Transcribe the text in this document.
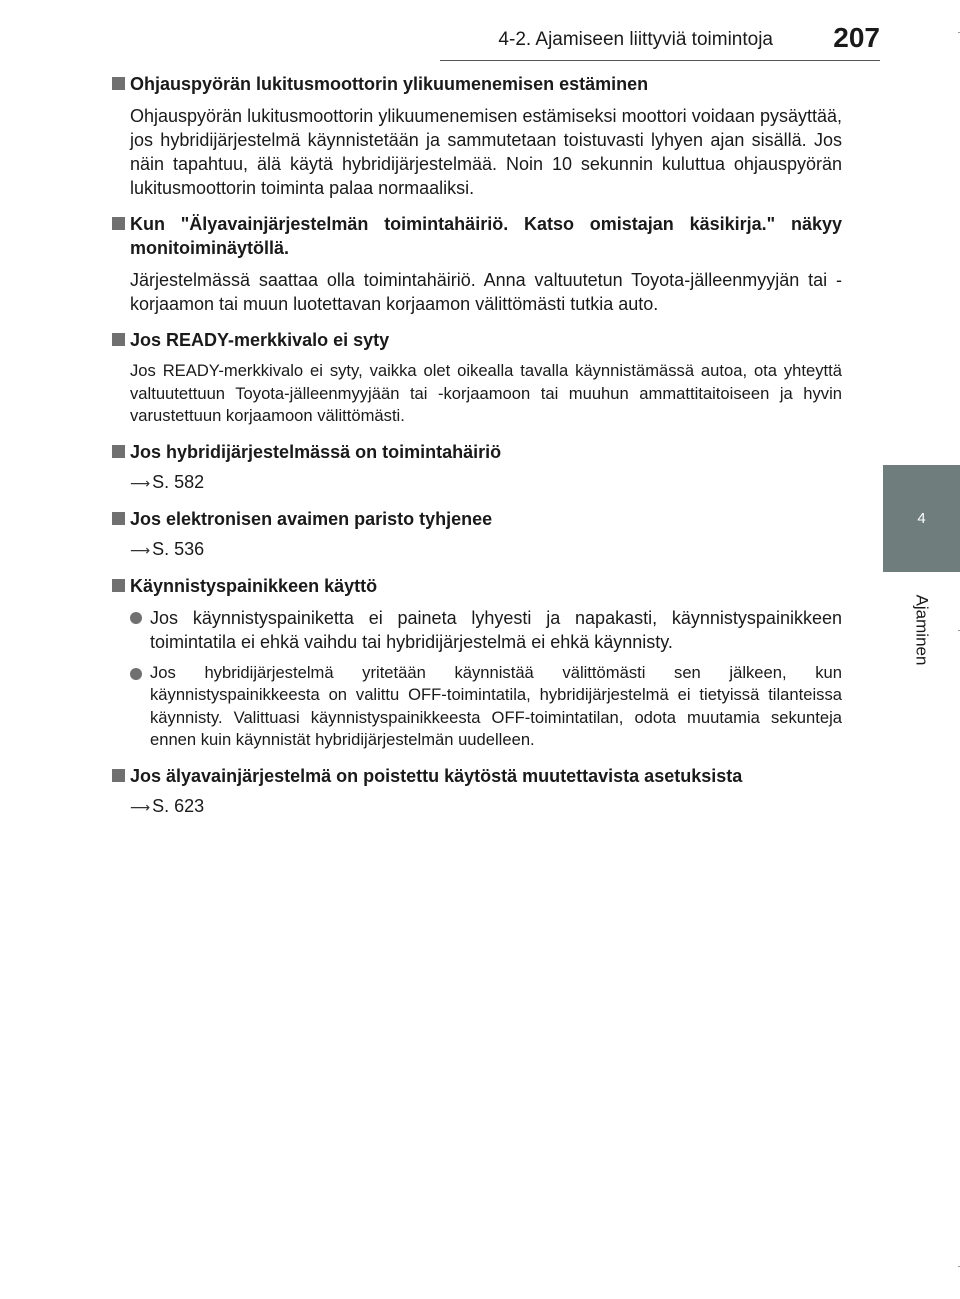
4-2. Ajamiseen liittyviä toimintoja 207
4
Ajaminen
Ohjauspyörän lukitusmoottorin ylikuumenemisen estäminen
Ohjauspyörän lukitusmoottorin ylikuumenemisen estämiseksi moottori voidaan pysäyttää, jos hybridijärjestelmä käynnistetään ja sammutetaan toistuvasti lyhyen ajan sisällä. Jos näin tapahtuu, älä käytä hybridijärjestelmää. Noin 10 sekunnin kuluttua ohjauspyörän lukitusmoottorin toiminta palaa normaaliksi.
Kun "Älyavainjärjestelmän toimintahäiriö. Katso omistajan käsikirja." näkyy monitoiminäytöllä.
Järjestelmässä saattaa olla toimintahäiriö. Anna valtuutetun Toyota-jälleenmyyjän tai -korjaamon tai muun luotettavan korjaamon välittömästi tutkia auto.
Jos READY-merkkivalo ei syty
Jos READY-merkkivalo ei syty, vaikka olet oikealla tavalla käynnistämässä autoa, ota yhteyttä valtuutettuun Toyota-jälleenmyyjään tai -korjaamoon tai muuhun ammattitaitoiseen ja hyvin varustettuun korjaamoon välittömästi.
Jos hybridijärjestelmässä on toimintahäiriö
⟶ S. 582
Jos elektronisen avaimen paristo tyhjenee
⟶ S. 536
Käynnistyspainikkeen käyttö
Jos käynnistyspainiketta ei paineta lyhyesti ja napakasti, käynnistyspainikkeen toimintatila ei ehkä vaihdu tai hybridijärjestelmä ei ehkä käynnisty.
Jos hybridijärjestelmä yritetään käynnistää välittömästi sen jälkeen, kun käynnistyspainikkeesta on valittu OFF-toimintatila, hybridijärjestelmä ei tietyissä tilanteissa käynnisty. Valittuasi käynnistyspainikkeesta OFF-toimintatilan, odota muutamia sekunteja ennen kuin käynnistät hybridijärjestelmän uudelleen.
Jos älyavainjärjestelmä on poistettu käytöstä muutettavista asetuksista
⟶ S. 623
